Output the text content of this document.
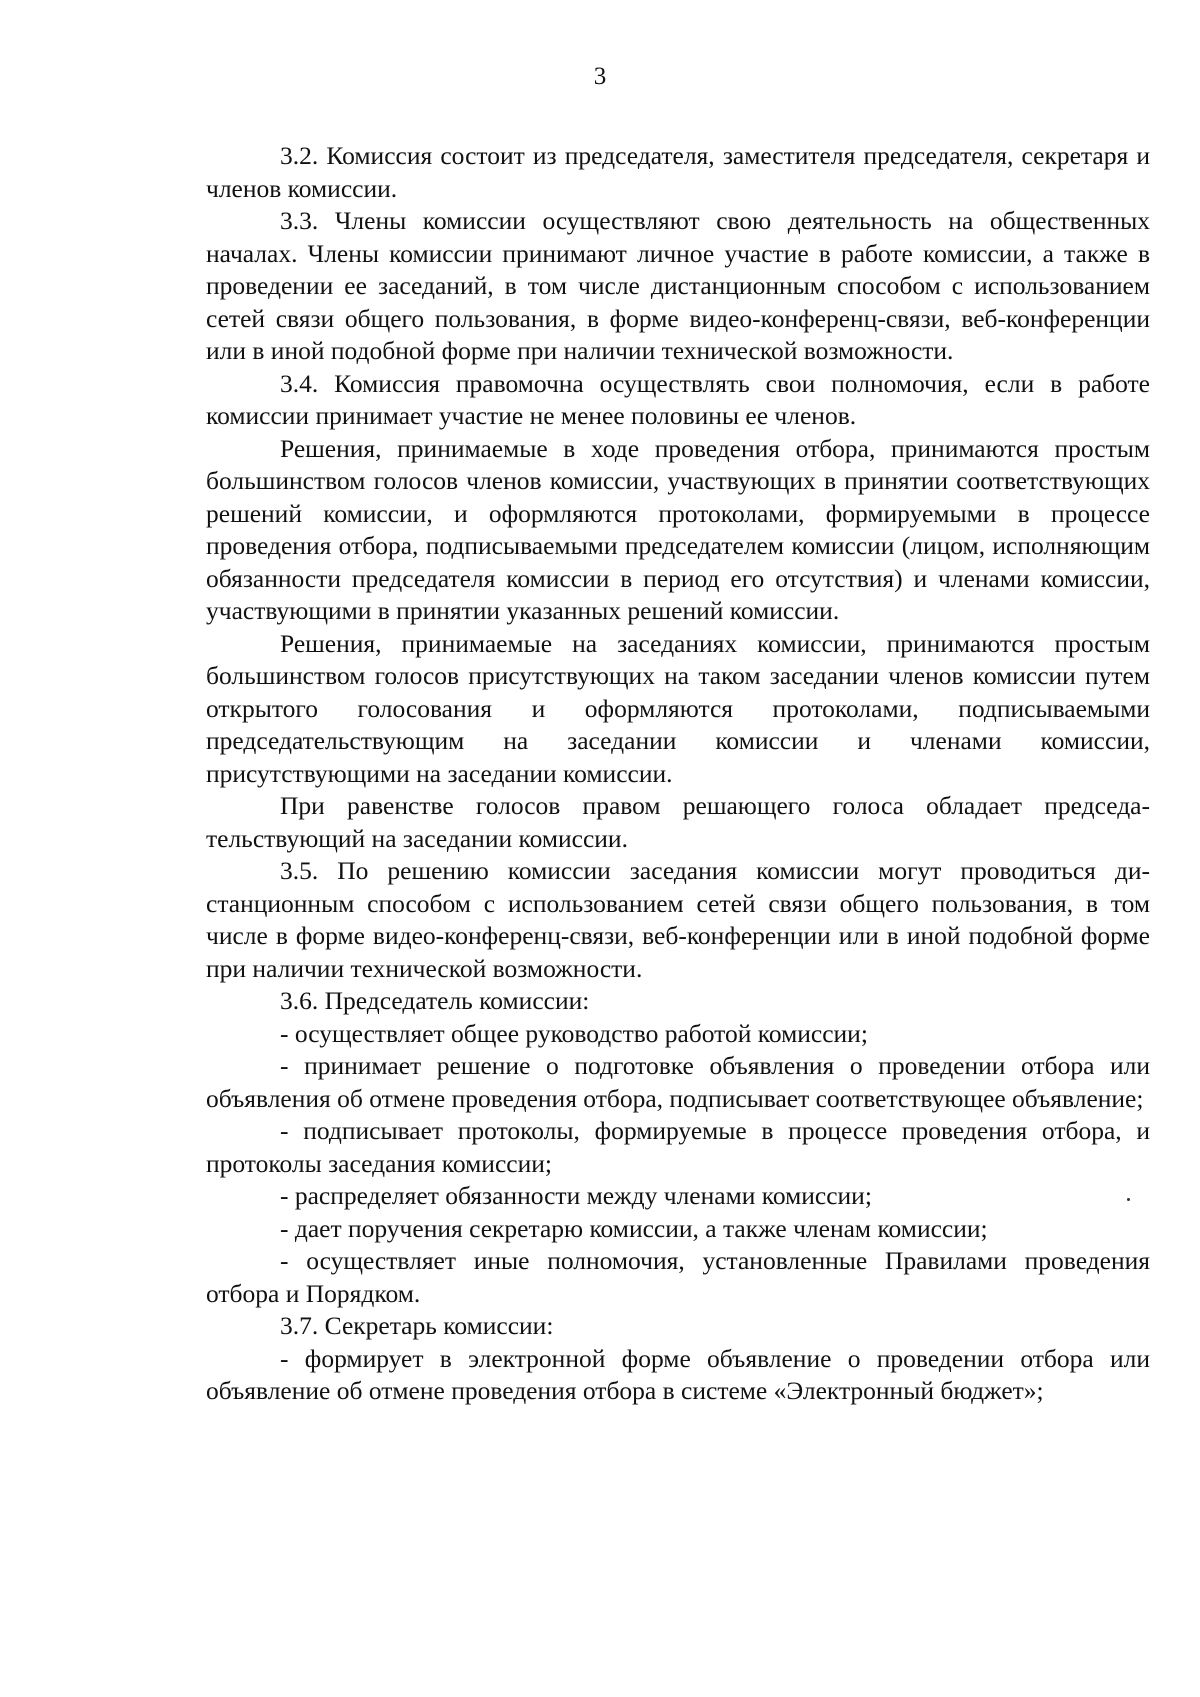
3

3.2. Комиссия состоит из председателя, заместителя председателя, секретаря и членов комиссии.

3.3. Члены комиссии осуществляют свою деятельность на общественных началах. Члены комиссии принимают личное участие в работе комиссии, а также в проведении ее заседаний, в том числе дистанционным способом с использованием сетей связи общего пользования, в форме видео-конференц-связи, веб-конференции или в иной подобной форме при наличии технической возможности.

3.4. Комиссия правомочна осуществлять свои полномочия, если в работе комиссии принимает участие не менее половины ее членов.

Решения, принимаемые в ходе проведения отбора, принимаются простым большинством голосов членов комиссии, участвующих в принятии соответствующих решений комиссии, и оформляются протоколами, формируемыми в процессе проведения отбора, подписываемыми председателем комиссии (лицом, исполняющим обязанности председателя комиссии в период его отсутствия) и членами комиссии, участвующими в принятии указанных решений комиссии.

Решения, принимаемые на заседаниях комиссии, принимаются простым большинством голосов присутствующих на таком заседании членов комиссии путем открытого голосования и оформляются протоколами, подписываемыми председательствующим на заседании комиссии и членами комиссии, присутствующими на заседании комиссии.

При равенстве голосов правом решающего голоса обладает председательствующий на заседании комиссии.

3.5. По решению комиссии заседания комиссии могут проводиться дистанционным способом с использованием сетей связи общего пользования, в том числе в форме видео-конференц-связи, веб-конференции или в иной подобной форме при наличии технической возможности.

3.6. Председатель комиссии:

- осуществляет общее руководство работой комиссии;

- принимает решение о подготовке объявления о проведении отбора или объявления об отмене проведения отбора, подписывает соответствующее объявление;

- подписывает протоколы, формируемые в процессе проведения отбора, и протоколы заседания комиссии;

- распределяет обязанности между членами комиссии;

- дает поручения секретарю комиссии, а также членам комиссии;

- осуществляет иные полномочия, установленные Правилами проведения отбора и Порядком.

3.7. Секретарь комиссии:

- формирует в электронной форме объявление о проведении отбора или объявление об отмене проведения отбора в системе «Электронный бюджет»;
